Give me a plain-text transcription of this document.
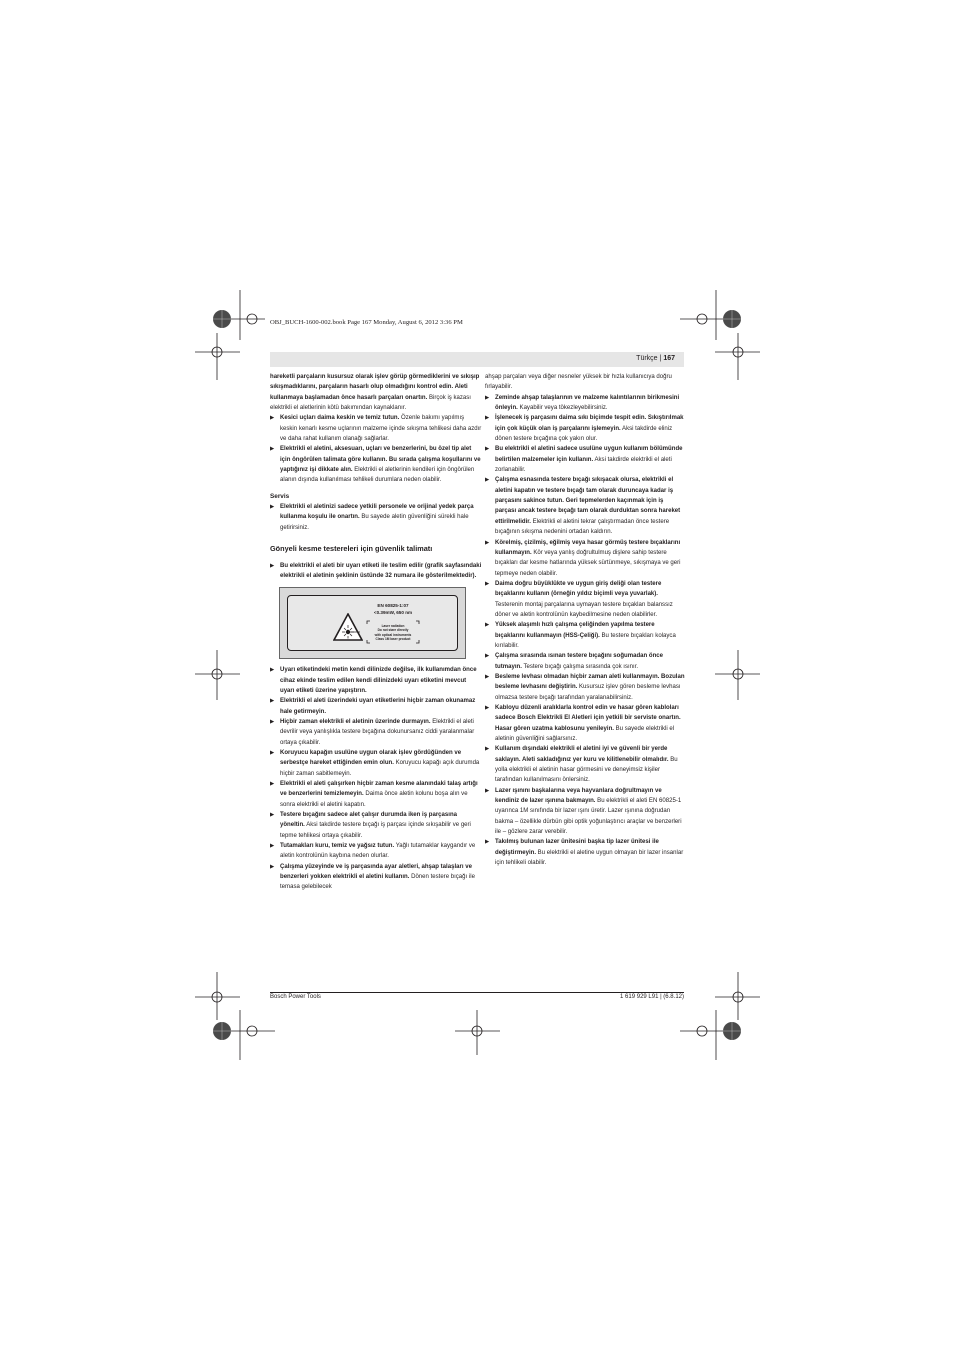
OBJ_BUCH-1600-002.book Page 167 Monday, August 6, 2012 3:36 PM
Türkçe | 167

hareketli parçaların kusursuz olarak işlev görüp görmediklerini ve sıkışıp sıkışmadıklarını, parçaların hasarlı olup olmadığını kontrol edin. Aleti kullanmaya başlamadan önce hasarlı parçaları onartın. Birçok iş kazası elektrikli el aletlerinin kötü bakımından kaynaklanır.

▶ Kesici uçları daima keskin ve temiz tutun. Özenle bakımı yapılmış keskin kenarlı kesme uçlarının malzeme içinde sıkışma tehlikesi daha azdır ve daha rahat kullanım olanağı sağlarlar.

▶ Elektrikli el aletini, aksesuarı, uçları ve benzerlerini, bu özel tip alet için öngörülen talimata göre kullanın. Bu sırada çalışma koşullarını ve yaptığınız işi dikkate alın. Elektrikli el aletlerinin kendileri için öngörülen alanın dışında kullanılması tehlikeli durumlara neden olabilir.

Servis

▶ Elektrikli el aletinizi sadece yetkili personele ve orijinal yedek parça kullanma koşulu ile onartın. Bu sayede aletin güvenliğini sürekli hale getirirsiniz.

Gönyeli kesme testereleri için güvenlik talimatı

▶ Bu elektrikli el aleti bir uyarı etiketi ile teslim edilir (grafik sayfasındaki elektrikli el aletinin şeklinin üstünde 32 numara ile gösterilmektedir).

EN 60825-1:07
<0.39mW, 650 nm
Laser radiation
Do not stare directly
with optical instruments
Class 1M laser product

▶ Uyarı etiketindeki metin kendi dilinizde değilse, ilk kullanımdan önce cihaz ekinde teslim edilen kendi dilinizdeki uyarı etiketini mevcut uyarı etiketi üzerine yapıştırın.

▶ Elektrikli el aleti üzerindeki uyarı etiketlerini hiçbir zaman okunamaz hale getirmeyin.

▶ Hiçbir zaman elektrikli el aletinin üzerinde durmayın. Elektrikli el aleti devrilir veya yanlışlıkla testere bıçağına dokunursanız ciddi yaralanmalar ortaya çıkabilir.

▶ Koruyucu kapağın usulüne uygun olarak işlev gördüğünden ve serbestçe hareket ettiğinden emin olun. Koruyucu kapağı açık durumda hiçbir zaman sabitlemeyin.

▶ Elektrikli el aleti çalışırken hiçbir zaman kesme alanındaki talaş artığı ve benzerlerini temizlemeyin. Daima önce aletin kolunu boşa alın ve sonra elektrikli el aletini kapatın.

▶ Testere bıçağını sadece alet çalışır durumda iken iş parçasına yöneltin. Aksi takdirde testere bıçağı iş parçası içinde sıkışabilir ve geri tepme tehlikesi ortaya çıkabilir.

▶ Tutamakları kuru, temiz ve yağsız tutun. Yağlı tutamaklar kaygandır ve aletin kontrolünün kaybına neden olurlar.

▶ Çalışma yüzeyinde ve iş parçasında ayar aletleri, ahşap talaşları ve benzerleri yokken elektrikli el aletini kullanın. Dönen testere bıçağı ile temasa gelebilecek

ahşap parçaları veya diğer nesneler yüksek bir hızla kullanıcıya doğru fırlayabilir.

▶ Zeminde ahşap talaşlarının ve malzeme kalıntılarının birikmesini önleyin. Kayabilir veya tökezleyebilirsiniz.

▶ İşlenecek iş parçasını daima sıkı biçimde tespit edin. Sıkıştırılmak için çok küçük olan iş parçalarını işlemeyin. Aksi takdirde eliniz dönen testere bıçağına çok yakın olur.

▶ Bu elektrikli el aletini sadece usulüne uygun kullanım bölümünde belirtilen malzemeler için kullanın. Aksi takdirde elektrikli el aleti zorlanabilir.

▶ Çalışma esnasında testere bıçağı sıkışacak olursa, elektrikli el aletini kapatın ve testere bıçağı tam olarak duruncaya kadar iş parçasını sakince tutun. Geri tepmelerden kaçınmak için iş parçası ancak testere bıçağı tam olarak durduktan sonra hareket ettirilmelidir. Elektrikli el aletini tekrar çalıştırmadan önce testere bıçağının sıkışma nedenini ortadan kaldırın.

▶ Körelmiş, çizilmiş, eğilmiş veya hasar görmüş testere bıçaklarını kullanmayın. Kör veya yanlış doğrultulmuş dişlere sahip testere bıçakları dar kesme hatlarında yüksek sürtünmeye, sıkışmaya ve geri tepmeye neden olabilir.

▶ Daima doğru büyüklükte ve uygun giriş deliği olan testere bıçaklarını kullanın (örneğin yıldız biçimli veya yuvarlak). Testerenin montaj parçalarına uymayan testere bıçakları balanssız döner ve aletin kontrolünün kaybedilmesine neden olabilirler.

▶ Yüksek alaşımlı hızlı çalışma çeliğinden yapılma testere bıçaklarını kullanmayın (HSS-Çeliği). Bu testere bıçakları kolayca kırılabilir.

▶ Çalışma sırasında ısınan testere bıçağını soğumadan önce tutmayın. Testere bıçağı çalışma sırasında çok ısınır.

▶ Besleme levhası olmadan hiçbir zaman aleti kullanmayın. Bozulan besleme levhasını değiştirin. Kusursuz işlev gören besleme levhası olmazsa testere bıçağı tarafından yaralanabilirsiniz.

▶ Kabloyu düzenli aralıklarla kontrol edin ve hasar gören kabloları sadece Bosch Elektrikli El Aletleri için yetkili bir serviste onartın. Hasar gören uzatma kablosunu yenileyin. Bu sayede elektrikli el aletinin güvenliğini sağlarsınız.

▶ Kullanım dışındaki elektrikli el aletini iyi ve güvenli bir yerde saklayın. Aleti sakladığınız yer kuru ve kilitlenebilir olmalıdır. Bu yolla elektrikli el aletinin hasar görmesini ve deneyimsiz kişiler tarafından kullanılmasını önlersiniz.

▶ Lazer ışınını başkalarına veya hayvanlara doğrultmayın ve kendiniz de lazer ışınına bakmayın. Bu elektrikli el aleti EN 60825-1 uyarınca 1M sınıfında bir lazer ışını üretir. Lazer ışınına doğrudan bakma – özellikle dürbün gibi optik yoğunlaştırıcı araçlar ve benzerleri ile – gözlere zarar verebilir.

▶ Takılmış bulunan lazer ünitesini başka tip lazer ünitesi ile değiştirmeyin. Bu elektrikli el aletine uygun olmayan bir lazer insanlar için tehlikeli olabilir.

Bosch Power Tools	1 619 929 L91 | (6.8.12)
